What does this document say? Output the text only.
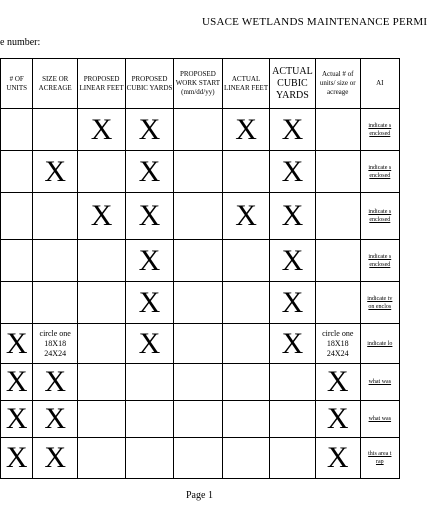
USACE WETLANDS MAINTENANCE PERMI
e number:
# OF UNITS	SIZE OR ACREAGE	PROPOSED LINEAR FEET	PROPOSED CUBIC YARDS	PROPOSED WORK START (mm/dd/yy)	ACTUAL LINEAR FEET	ACTUAL CUBIC YARDS	Actual # of units/ size or acreage	AI
		X	X		X	X		indicate s
enclosed
	X		X			X		indicate s
enclosed
		X	X		X	X		indicate s
enclosed
			X			X		indicate s
enclosed
			X			X		indicate tv
on enclos
X	circle one
18X18
24X24		X			X	circle one
18X18
24X24	indicate lo

X	X						X	what was

X	X						X	what was

X	X						X	this area t
rap
Page 1
